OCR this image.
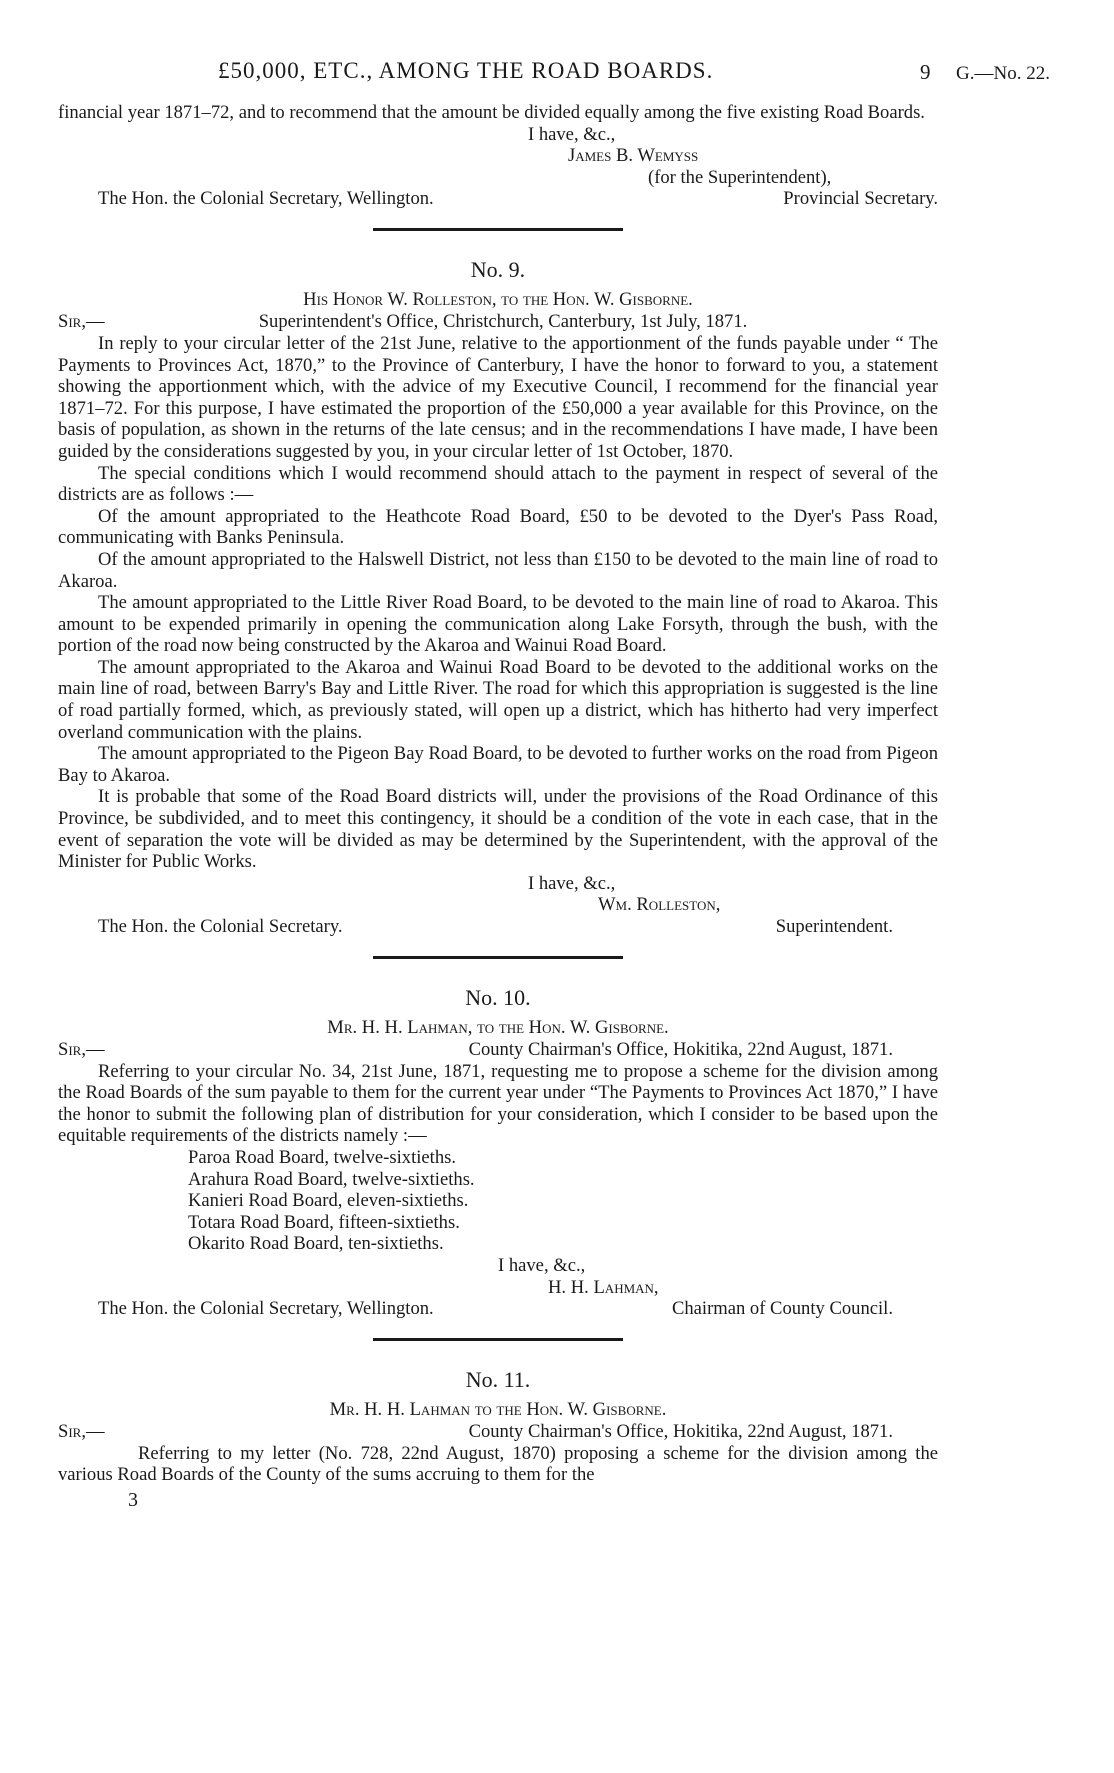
£50,000, ETC., AMONG THE ROAD BOARDS.	9 G.—No. 22.

financial year 1871–72, and to recommend that the amount be divided equally among the five existing Road Boards.

I have, &c.,
James B. Wemyss
(for the Superintendent),
The Hon. the Colonial Secretary, Wellington.	Provincial Secretary.
No. 9.
His Honor W. Rolleston, to the Hon. W. Gisborne.
Sir,—	Superintendent's Office, Christchurch, Canterbury, 1st July, 1871.

In reply to your circular letter of the 21st June, relative to the apportionment of the funds payable under “ The Payments to Provinces Act, 1870,” to the Province of Canterbury, I have the honor to forward to you, a statement showing the apportionment which, with the advice of my Executive Council, I recommend for the financial year 1871–72. For this purpose, I have estimated the proportion of the £50,000 a year available for this Province, on the basis of population, as shown in the returns of the late census; and in the recommendations I have made, I have been guided by the considerations suggested by you, in your circular letter of 1st October, 1870.

The special conditions which I would recommend should attach to the payment in respect of several of the districts are as follows :—

Of the amount appropriated to the Heathcote Road Board, £50 to be devoted to the Dyer's Pass Road, communicating with Banks Peninsula.

Of the amount appropriated to the Halswell District, not less than £150 to be devoted to the main line of road to Akaroa.

The amount appropriated to the Little River Road Board, to be devoted to the main line of road to Akaroa. This amount to be expended primarily in opening the communication along Lake Forsyth, through the bush, with the portion of the road now being constructed by the Akaroa and Wainui Road Board.

The amount appropriated to the Akaroa and Wainui Road Board to be devoted to the additional works on the main line of road, between Barry's Bay and Little River. The road for which this appropriation is suggested is the line of road partially formed, which, as previously stated, will open up a district, which has hitherto had very imperfect overland communication with the plains.

The amount appropriated to the Pigeon Bay Road Board, to be devoted to further works on the road from Pigeon Bay to Akaroa.

It is probable that some of the Road Board districts will, under the provisions of the Road Ordinance of this Province, be subdivided, and to meet this contingency, it should be a condition of the vote in each case, that in the event of separation the vote will be divided as may be determined by the Superintendent, with the approval of the Minister for Public Works.

I have, &c.,
Wm. Rolleston,
The Hon. the Colonial Secretary.	Superintendent.
No. 10.
Mr. H. H. Lahman, to the Hon. W. Gisborne.
Sir,—	County Chairman's Office, Hokitika, 22nd August, 1871.

Referring to your circular No. 34, 21st June, 1871, requesting me to propose a scheme for the division among the Road Boards of the sum payable to them for the current year under “The Payments to Provinces Act 1870,” I have the honor to submit the following plan of distribution for your consideration, which I consider to be based upon the equitable requirements of the districts namely :—

Paroa Road Board, twelve-sixtieths.
Arahura Road Board, twelve-sixtieths.
Kanieri Road Board, eleven-sixtieths.
Totara Road Board, fifteen-sixtieths.
Okarito Road Board, ten-sixtieths.
I have, &c.,
H. H. Lahman,
The Hon. the Colonial Secretary, Wellington.	Chairman of County Council.
No. 11.
Mr. H. H. Lahman to the Hon. W. Gisborne.
Sir,—	County Chairman's Office, Hokitika, 22nd August, 1871.

Referring to my letter (No. 728, 22nd August, 1870) proposing a scheme for the division among the various Road Boards of the County of the sums accruing to them for the

3
